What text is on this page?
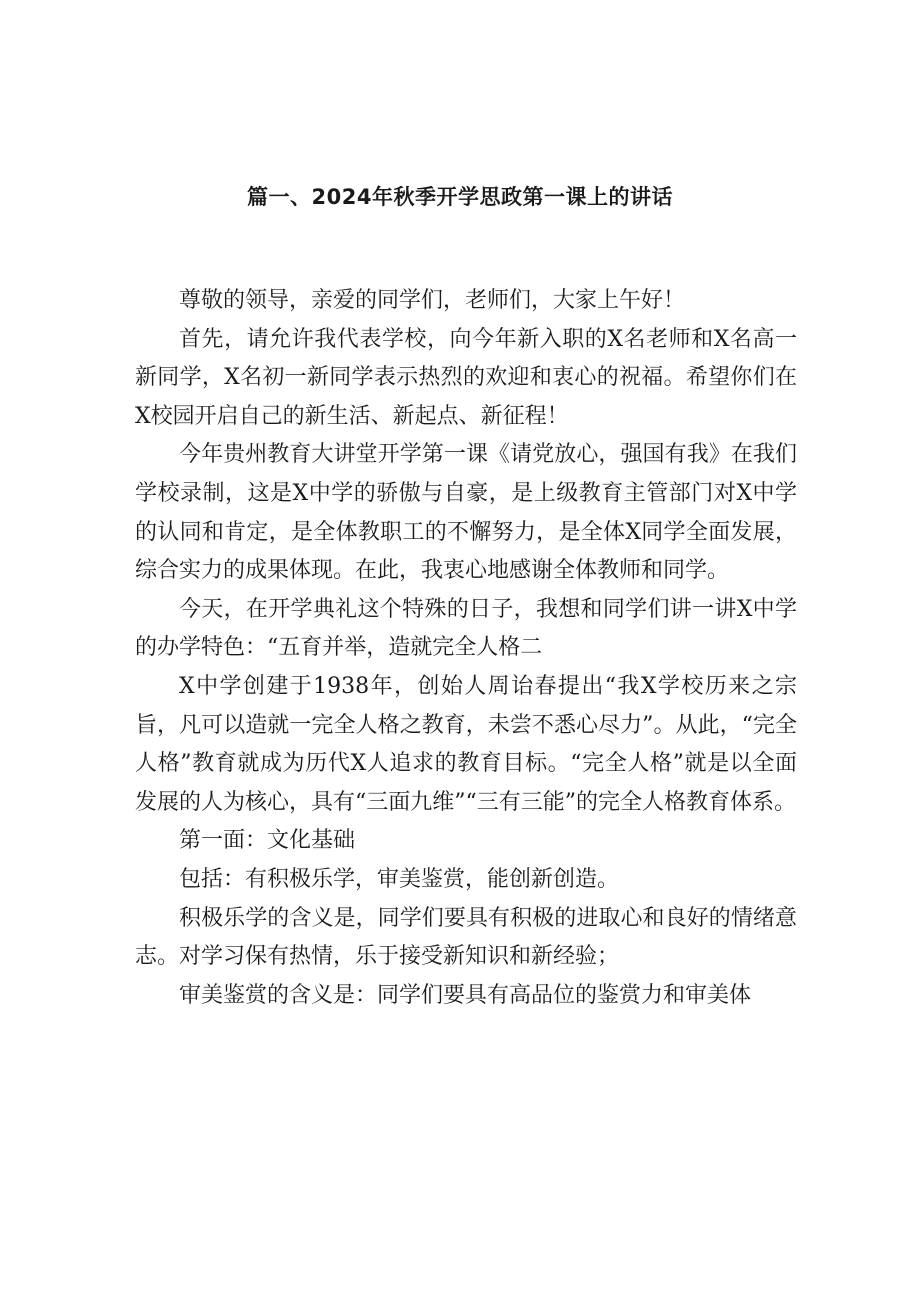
篇一、2024年秋季开学思政第一课上的讲话

尊敬的领导，亲爱的同学们，老师们，大家上午好！

首先，请允许我代表学校，向今年新入职的X名老师和X名高一新同学，X名初一新同学表示热烈的欢迎和衷心的祝福。希望你们在X校园开启自己的新生活、新起点、新征程！

今年贵州教育大讲堂开学第一课《请党放心，强国有我》在我们学校录制，这是X中学的骄傲与自豪，是上级教育主管部门对X中学的认同和肯定，是全体教职工的不懈努力，是全体X同学全面发展，综合实力的成果体现。在此，我衷心地感谢全体教师和同学。

今天，在开学典礼这个特殊的日子，我想和同学们讲一讲X中学的办学特色：“五育并举，造就完全人格二

X中学创建于1938年，创始人周诒春提出“我X学校历来之宗旨，凡可以造就一完全人格之教育，未尝不悉心尽力”。从此，“完全人格”教育就成为历代X人追求的教育目标。“完全人格”就是以全面发展的人为核心，具有“三面九维”“三有三能”的完全人格教育体系。

第一面：文化基础

包括：有积极乐学，审美鉴赏，能创新创造。

积极乐学的含义是，同学们要具有积极的进取心和良好的情绪意志。对学习保有热情，乐于接受新知识和新经验；

审美鉴赏的含义是：同学们要具有高品位的鉴赏力和审美体
